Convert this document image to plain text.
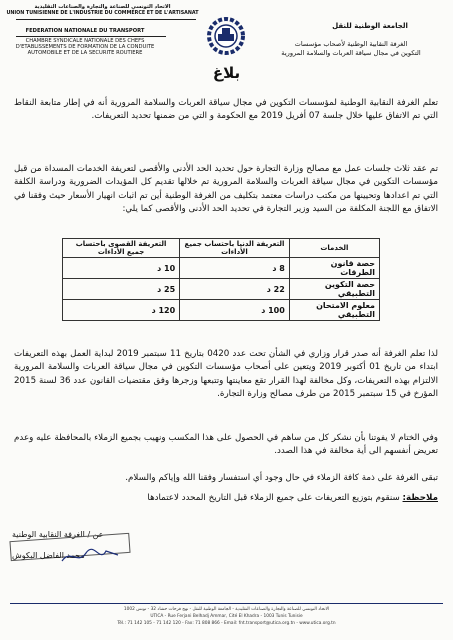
الاتحاد التونسي للصناعة والتجارة والصناعات التقليدية
UNION TUNISIENNE DE L'INDUSTRIE DU COMMERCE ET DE L'ARTISANAT
FEDERATION NATIONALE DU TRANSPORT
CHAMBRE SYNDICALE NATIONALE DES CHEFS
D'ETABLISSEMENTS DE FORMATION DE LA CONDUITE
AUTOMOBILE ET DE LA SECURITE ROUTIERE
الجامعة الوطنية للنقل
الغرفة النقابية الوطنية لأصحاب مؤسسات
التكوين في مجال سياقة العربات والسلامة المرورية
بلاغ
تعلم الغرفة النقابية الوطنية لمؤسسات التكوين في مجال سياقة العربات والسلامة المرورية أنه في إطار متابعة النقاط التي تم الاتفاق عليها خلال جلسة 07 أفريل 2019 مع الحكومة و التي من ضمنها تحديد التعريفات.
تم عقد ثلاث جلسات عمل مع مصالح وزارة التجارة حول تحديد الحد الأدنى والأقصى لتعريفة الخدمات المسداة من قبل مؤسسات التكوين في مجال سياقة العربات والسلامة المرورية تم خلالها تقديم كل المؤيدات الضرورية ودراسة الكلفة التي تم اعدادها وتحيينها من مكتب دراسات معتمد بتكليف من الغرفة الوطنية أين تم اثبات انهيار الأسعار حيث وفقنا في الاتفاق مع اللجنة المكلفة من السيد وزير التجارة في تحديد الحد الأدنى والأقصى كما يلي:
الخدمات	التعريفة الدنيا باحتساب جميع الأداءات	التعريفة القصوى باحتساب جميع الأداءات
حصة قانون الطرقات	8 د	10 د
حصة التكوين التطبيقي	22 د	25 د
معلوم الامتحان التطبيقي	100 د	120 د
لذا تعلم الغرفة أنه صدر قرار وزاري في الشأن تحت عدد 0420 بتاريخ 11 سبتمبر 2019 لبداية العمل بهذه التعريفات ابتداء من تاريخ 01 أكتوبر 2019 ويتعين على أصحاب مؤسسات التكوين في مجال سياقة العربات والسلامة المرورية الالتزام بهذه التعريفات، وكل مخالفة لهذا القرار تقع معاينتها وتتبعها وزجرها وفق مقتضيات القانون عدد 36 لسنة 2015 المؤرخ في 15 سبتمبر 2015 من طرف مصالح وزارة التجارة.
وفي الختام لا يفوتنا بأن نشكر كل من ساهم في الحصول على هذا المكسب ونهيب بجميع الزملاء بالمحافظة عليه وعدم تعريض أنفسهم الى أية مخالفة في هذا الصدد.
تبقى الغرفة على ذمة كافة الزملاء في حال وجود أي استفسار وفقنا الله وإياكم والسلام.
ملاحظة: سنقوم بتوزيع التعريفات على جميع الزملاء قبل التاريخ المحدد لاعتمادها
عن / الغرفة النقابية الوطنية
محمد الفاضل البكوش
الاتحاد التونسي للصناعة والتجارة والصناعات التقليدية - الجامعة الوطنية للنقل - نهج فرحات حشاد 32 - تونس 1002
UTICA - Rue Ferjani Belhadj Ammar, Cité El Khadra - 1003 Tunis Tunisie
Tél.: 71 142 105 - 71 142 120 - Fax: 71 808 866 - Email: fnt.transport@utica.org.tn - www.utica.org.tn
